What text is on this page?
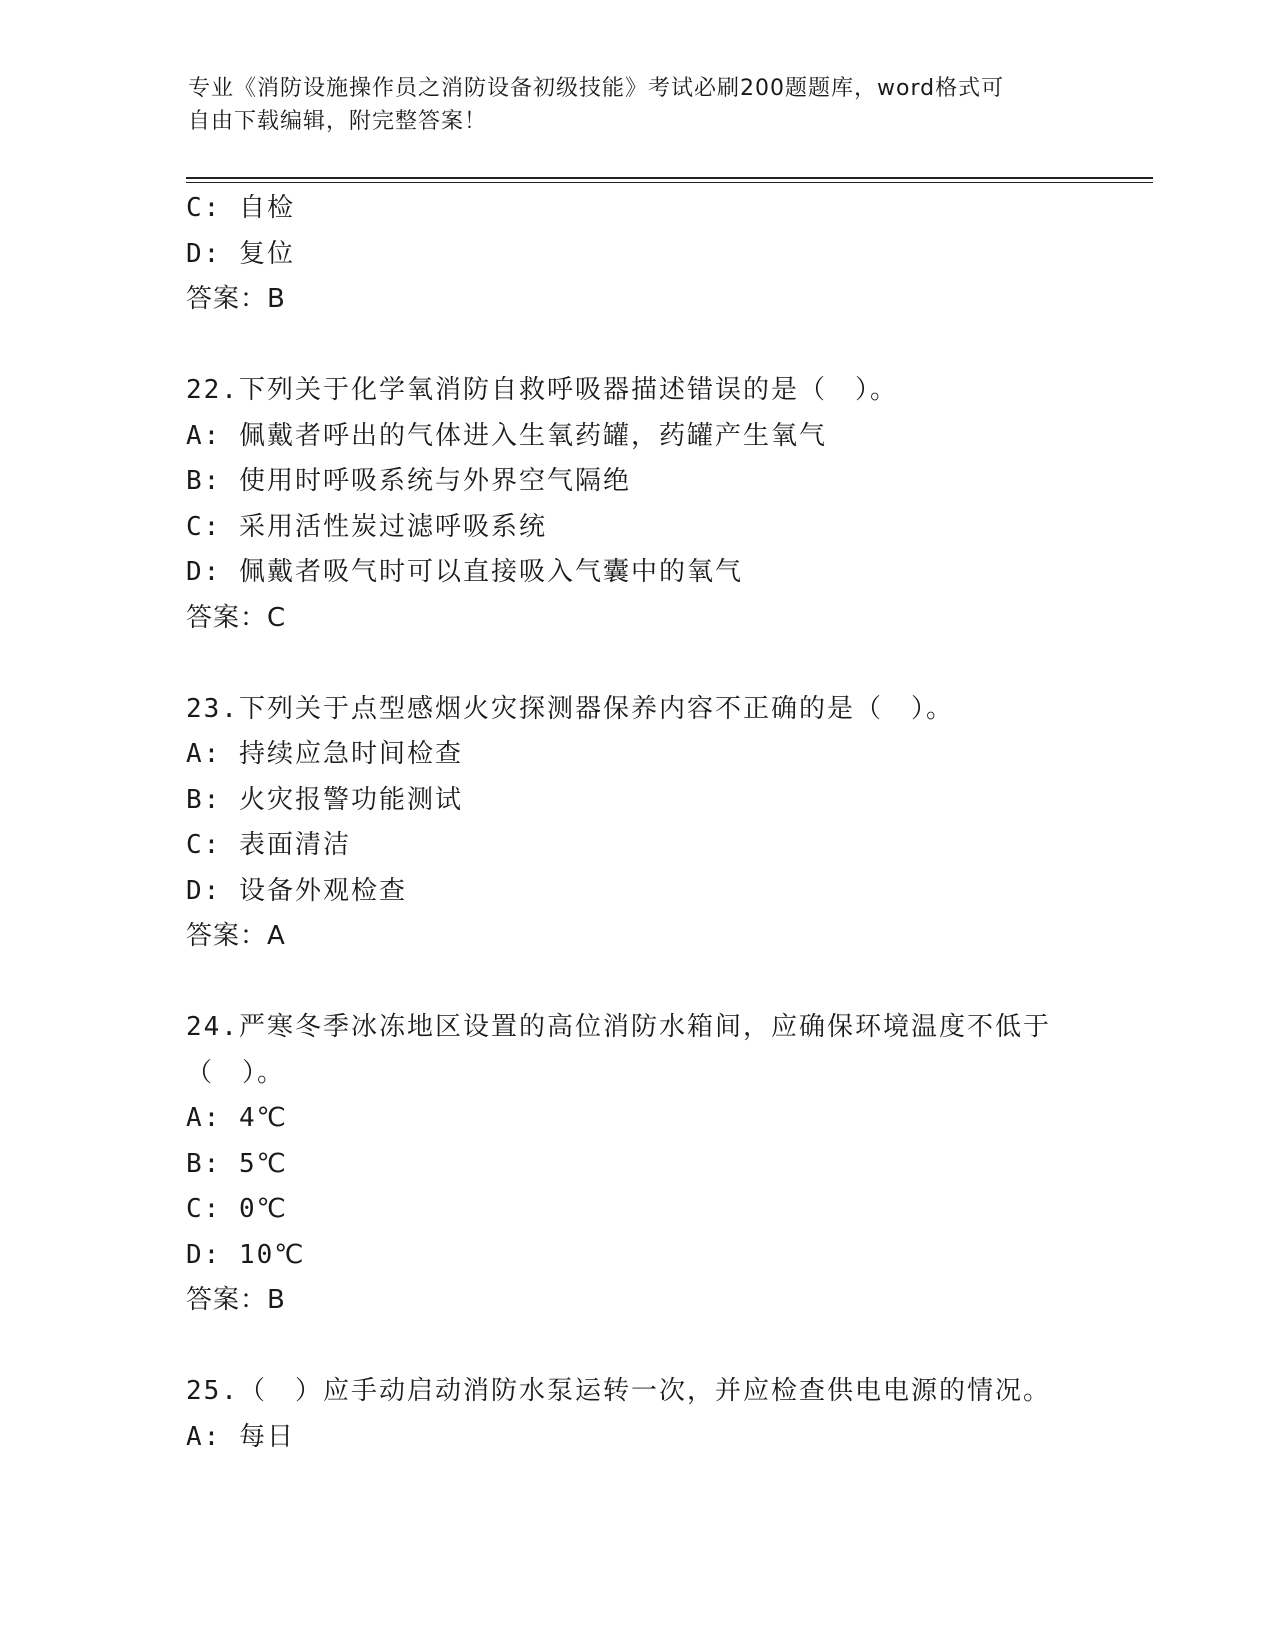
专业《消防设施操作员之消防设备初级技能》考试必刷200题题库，word格式可
自由下载编辑，附完整答案！
C: 自检
D: 复位
答案：B
22.下列关于化学氧消防自救呼吸器描述错误的是（　）。
A: 佩戴者呼出的气体进入生氧药罐，药罐产生氧气
B: 使用时呼吸系统与外界空气隔绝
C: 采用活性炭过滤呼吸系统
D: 佩戴者吸气时可以直接吸入气囊中的氧气
答案：C
23.下列关于点型感烟火灾探测器保养内容不正确的是（　）。
A: 持续应急时间检查
B: 火灾报警功能测试
C: 表面清洁
D: 设备外观检查
答案：A
24.严寒冬季冰冻地区设置的高位消防水箱间，应确保环境温度不低于
（　）。
A: 4℃
B: 5℃
C: 0℃
D: 10℃
答案：B
25.（　）应手动启动消防水泵运转一次，并应检查供电电源的情况。
A: 每日
